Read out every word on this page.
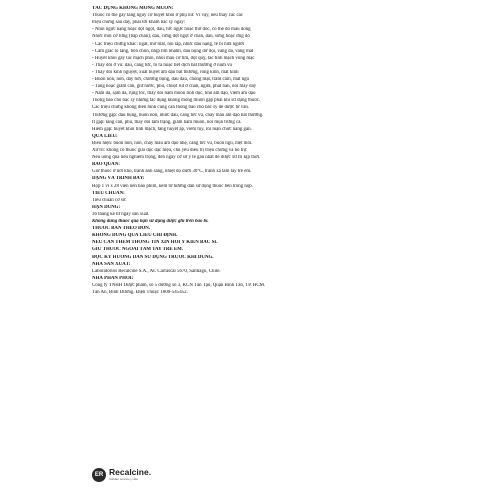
TÁC DỤNG KHÔNG MONG MUỐN:
Thuốc có thể gây tăng nguy cơ huyết khối ở phụ nữ. Vì vậy, nếu thấy các các
triệu chứng sau đây, phải tới khám bác sỹ ngay:
- Nhói ngực nặng hoặc đột ngột, đau, tức ngực hoặc thở dốc, có thể do máu đông
Nhức mỏi cơ lưng (bắp chân), đau, cứng đột ngột ở chân, đau, sưng hoặc ửng đỏ
- Các triệu chứng khác: ngất, mờ mắt, nói lắp, nhức đầu nặng, tê bì nửa người
- Cảm giác lo lắng, bồn chồn, nhịp tim nhanh, đau bụng dữ dội, vàng da, vàng mắt
- Huyết khối gây tắc mạch phổi, nhồi máu cơ tim, đột quỵ, tắc tĩnh mạch võng mạc
- Thay đổi ở vú: đau, căng tức, to ra hoặc tiết dịch bất thường ở núm vú
- Thay đổi kinh nguyệt, xuất huyết âm đạo bất thường, rong kinh, mất kinh
- Buồn nôn, nôn, đầy hơi, chướng bụng, đau đầu, chóng mặt, trầm cảm, mất ngủ
- Tăng hoặc giảm cân, giữ nước, phù, chuột rút ở chân, ngứa, phát ban, nổi mày đay
- Nám da, sạm da, rụng tóc, thay đổi ham muốn tình dục, khô âm đạo, viêm âm đạo
Thông báo cho bác sỹ những tác dụng không mong muốn gặp phải khi sử dụng thuốc.
Các triệu chứng không điển hình cũng cần thông báo cho bác sỹ để được tư vấn.
Thường gặp: đau bụng, buồn nôn, nhức đầu, căng tức vú, chảy máu âm đạo bất thường.
Ít gặp: tăng cân, phù, thay đổi tâm trạng, giảm ham muốn, nổi mụn trứng cá.
Hiếm gặp: huyết khối tĩnh mạch, tăng huyết áp, viêm tụy, rối loạn chức năng gan.
QUÁ LIỀU:
Biểu hiện: buồn nôn, nôn, chảy máu âm đạo nhẹ, căng tức vú, buồn ngủ, mệt mỏi.
Xử trí: không có thuốc giải độc đặc hiệu, chủ yếu điều trị triệu chứng và hỗ trợ.
Nếu uống quá liều nghiêm trọng, đến ngay cơ sở y tế gần nhất để được xử trí kịp thời.
BẢO QUẢN:
Giữ thuốc ở nơi khô, tránh ánh sáng, nhiệt độ dưới 30°C, tránh xa tầm tay trẻ em.
DẠNG VÀ TRÌNH BÀY:
Hộp 1 vỉ x 28 viên nén bao phim, kèm tờ hướng dẫn sử dụng thuốc bên trong hộp.
TIÊU CHUẨN:
Tiêu chuẩn cơ sở.
HẠN DÙNG:
36 tháng kể từ ngày sản xuất.
Không dùng thuốc quá hạn sử dụng được ghi trên bao bì.
THUỐC BÁN THEO ĐƠN.
KHÔNG DÙNG QUÁ LIỀU CHỈ ĐỊNH.
NẾU CẦN THÊM THÔNG TIN XIN HỎI Ý KIẾN BÁC SĨ.
GIỮ THUỐC NGOÀI TẦM TAY TRẺ EM.
ĐỌC KỸ HƯỚNG DẪN SỬ DỤNG TRƯỚC KHI DÙNG.
NHÀ SẢN XUẤT:
Laboratorios Recalcine S.A., Av. Carrascal 5670, Santiago, Chile.
NHÀ PHÂN PHỐI:
Công ty TNHH Dược phẩm, số 5 đường số 3, KCN Tân Tạo, Quận Bình Tân, TP. HCM.
Tân An, Bình Dương. Điện Thoại: 1800-545452.
ER Recalcine.
Calidad, servicio y vida
